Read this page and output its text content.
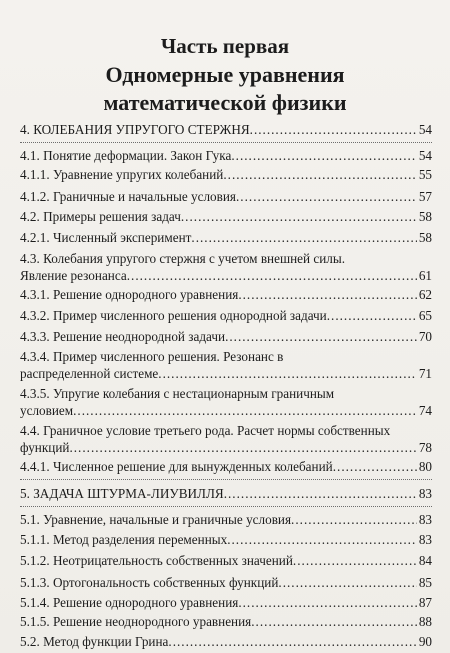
Часть первая
Одномерные уравнения
математической физики
4. КОЛЕБАНИЯ УПРУГОГО СТЕРЖНЯ .....	54
4.1. Понятие деформации. Закон Гука .....	54
4.1.1. Уравнение упругих колебаний .....	55
4.1.2. Граничные и начальные условия .....	57
4.2. Примеры решения задач .....	58
4.2.1. Численный эксперимент .....	58
4.3. Колебания упругого стержня с учетом внешней силы.
Явление резонанса .....	61
4.3.1. Решение однородного уравнения .....	62
4.3.2. Пример численного решения однородной задачи .....	65
4.3.3. Решение неоднородной задачи .....	70
4.3.4. Пример численного решения. Резонанс в
распределенной системе .....	71
4.3.5. Упругие колебания с нестационарным граничным
условием .....	74
4.4. Граничное условие третьего рода. Расчет нормы собственных
функций .....	78
4.4.1. Численное решение для вынужденных колебаний .....	80
5. ЗАДАЧА ШТУРМА-ЛИУВИЛЛЯ .....	83
5.1. Уравнение, начальные и граничные условия .....	83
5.1.1. Метод разделения переменных .....	83
5.1.2. Неотрицательность собственных значений .....	84
5.1.3. Ортогональность собственных функций .....	85
5.1.4. Решение однородного уравнения .....	87
5.1.5. Решение неоднородного уравнения .....	88
5.2. Метод функции Грина .....	90
